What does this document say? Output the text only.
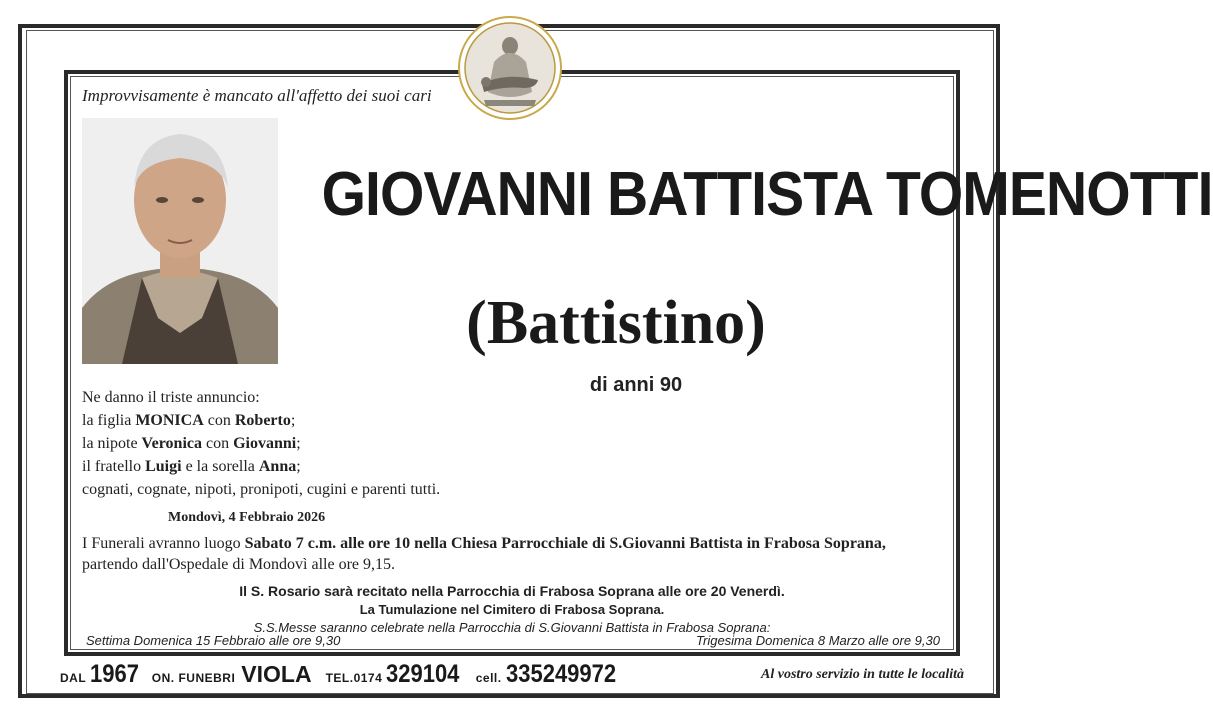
Improvvisamente è mancato all'affetto dei suoi cari
GIOVANNI BATTISTA TOMENOTTI
(Battistino)
di anni 90
Ne danno il triste annuncio:
la figlia MONICA con Roberto;
la nipote Veronica con Giovanni;
il fratello Luigi e la sorella Anna;
cognati, cognate, nipoti, pronipoti, cugini e parenti tutti.
Mondovì, 4 Febbraio 2026
I Funerali avranno luogo Sabato 7 c.m. alle ore 10 nella Chiesa Parrocchiale di S.Giovanni Battista in Frabosa Soprana,
partendo dall'Ospedale di Mondovì alle ore 9,15.
Il S. Rosario sarà recitato nella Parrocchia di Frabosa Soprana alle ore 20 Venerdì.
La Tumulazione nel Cimitero di Frabosa Soprana.
S.S.Messe saranno celebrate nella Parrocchia di S.Giovanni Battista in Frabosa Soprana:
Settima Domenica 15 Febbraio alle ore 9,30	Trigesima Domenica 8 Marzo alle ore 9,30
DAL 1967 ON. FUNEBRI VIOLA TEL.0174 329104 cell. 335249972	Al vostro servizio in tutte le località
